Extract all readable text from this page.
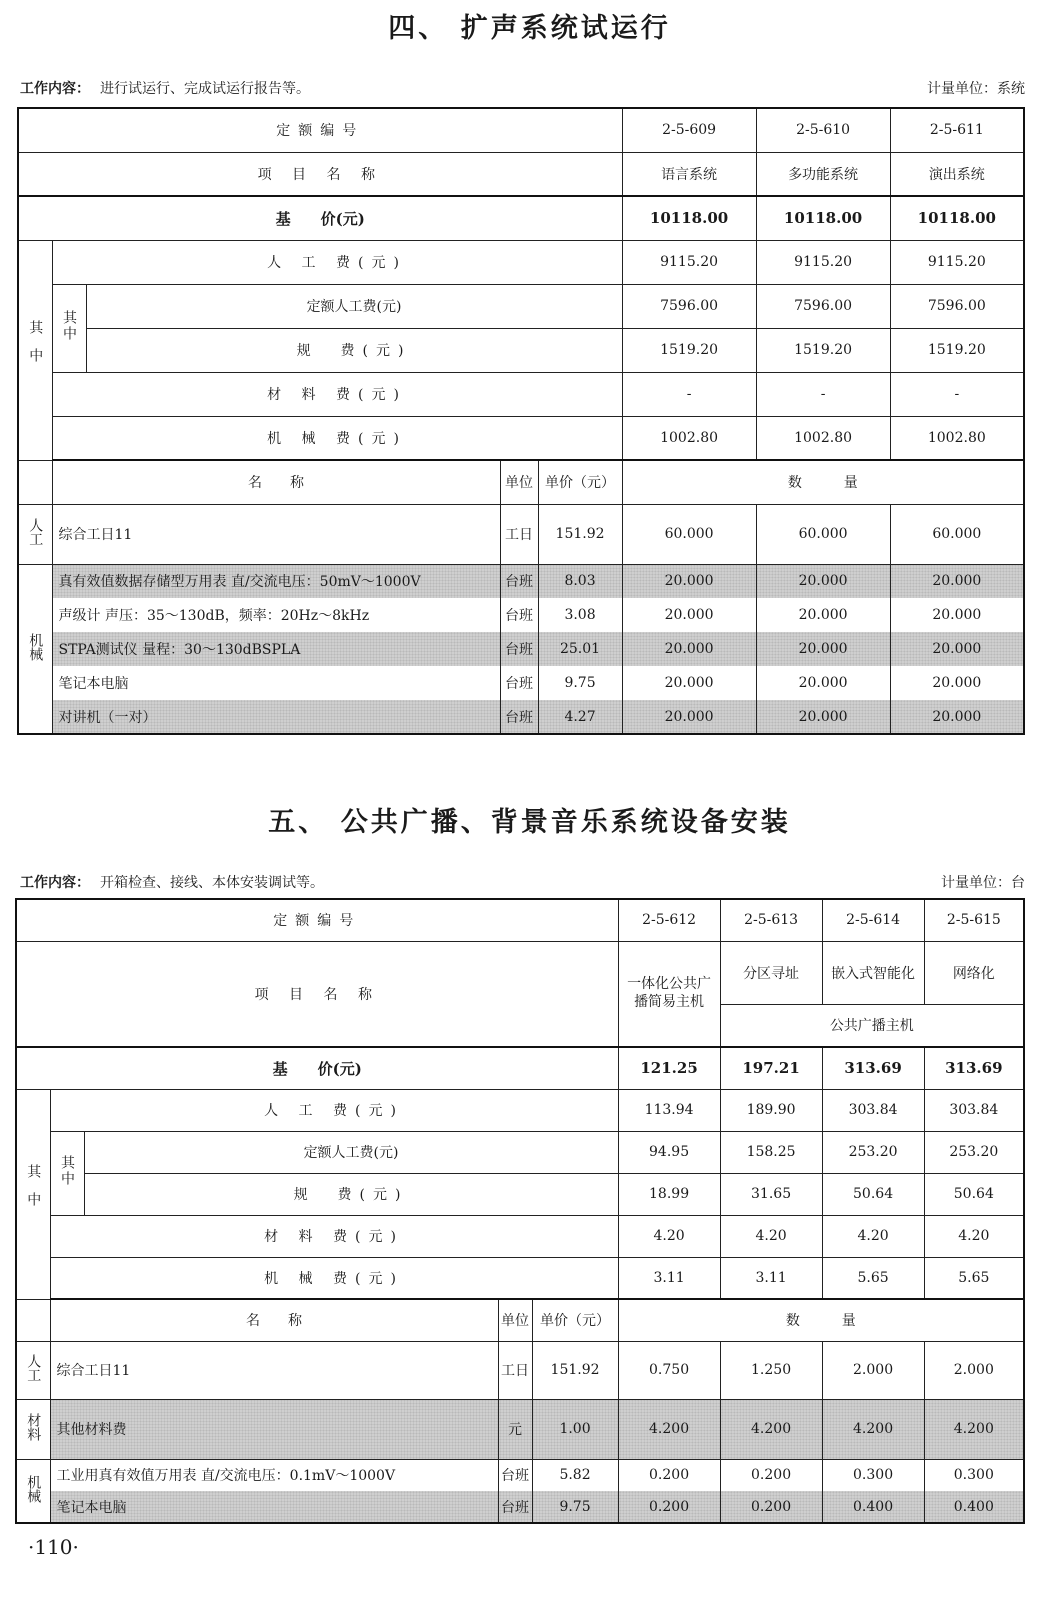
四、 扩声系统试运行
工作内容： 进行试运行、完成试运行报告等。	计量单位：系统
定额编号					2-5-609	2-5-610	2-5-611
项 目 名 称					语言系统	多功能系统	演出系统
基　　价(元)					10118.00	10118.00	10118.00
其中	人 工 费(元)				9115.20	9115.20	9115.20
	其中	定额人工费(元)			7596.00	7596.00	7596.00
		规　费(元)			1519.20	1519.20	1519.20
	材 料 费(元)				-	-	-
	机 械 费(元)				1002.80	1002.80	1002.80
	名　　称		单位	单价（元）	数　　　量		
人工	综合工日11		工日	151.92	60.000	60.000	60.000
机械	真有效值数据存储型万用表 直/交流电压：50mV～1000V		台班	8.03	20.000	20.000	20.000
	声级计 声压：35～130dB，频率：20Hz～8kHz		台班	3.08	20.000	20.000	20.000
	STPA测试仪 量程：30～130dBSPLA		台班	25.01	20.000	20.000	20.000
	笔记本电脑		台班	9.75	20.000	20.000	20.000
	对讲机（一对）		台班	4.27	20.000	20.000	20.000
五、 公共广播、背景音乐系统设备安装
工作内容： 开箱检查、接线、本体安装调试等。	计量单位：台
定额编号					2-5-612	2-5-613	2-5-614	2-5-615
项 目 名 称					一体化公共广播简易主机	分区寻址	嵌入式智能化	网络化
						公共广播主机		
基　　价(元)					121.25	197.21	313.69	313.69
其中	人 工 费(元)				113.94	189.90	303.84	303.84
	其中	定额人工费(元)			94.95	158.25	253.20	253.20
		规　费(元)			18.99	31.65	50.64	50.64
	材 料 费(元)				4.20	4.20	4.20	4.20
	机 械 费(元)				3.11	3.11	5.65	5.65
	名　　称		单位	单价（元）	数　　　量			
人工	综合工日11		工日	151.92	0.750	1.250	2.000	2.000
材料	其他材料费		元	1.00	4.200	4.200	4.200	4.200
机械	工业用真有效值万用表 直/交流电压：0.1mV～1000V		台班	5.82	0.200	0.200	0.300	0.300
	笔记本电脑		台班	9.75	0.200	0.200	0.400	0.400
·110·
